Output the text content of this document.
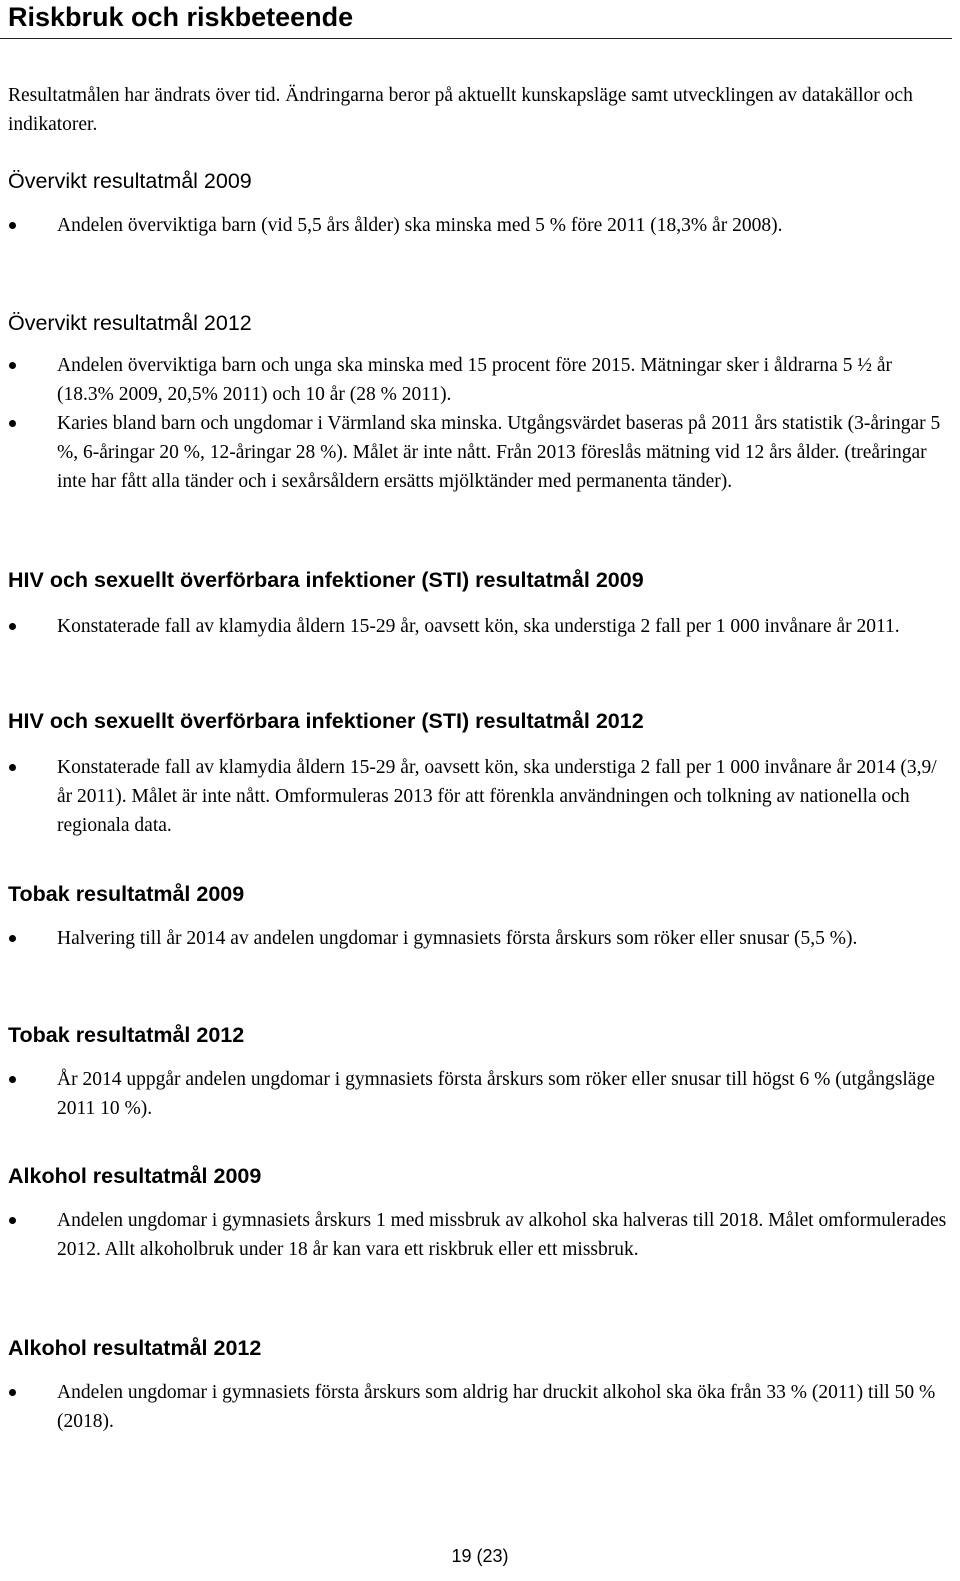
Riskbruk och riskbeteende

Resultatmålen har ändrats över tid. Ändringarna beror på aktuellt kunskapsläge samt utvecklingen av datakällor och indikatorer.

Övervikt resultatmål 2009
Andelen överviktiga barn (vid 5,5 års ålder) ska minska med 5 % före 2011 (18,3% år 2008).
Övervikt resultatmål 2012
Andelen överviktiga barn och unga ska minska med 15 procent före 2015. Mätningar sker i åldrarna 5 ½ år (18.3% 2009, 20,5% 2011) och 10 år (28 % 2011).
Karies bland barn och ungdomar i Värmland ska minska. Utgångsvärdet baseras på 2011 års statistik (3-åringar 5 %, 6-åringar 20 %, 12-åringar 28 %). Målet är inte nått. Från 2013 föreslås mätning vid 12 års ålder. (treåringar inte har fått alla tänder och i sexårsåldern ersätts mjölktänder med permanenta tänder).
HIV och sexuellt överförbara infektioner (STI) resultatmål 2009
Konstaterade fall av klamydia åldern 15-29 år, oavsett kön, ska understiga 2 fall per 1 000 invånare år 2011.
HIV och sexuellt överförbara infektioner (STI) resultatmål 2012
Konstaterade fall av klamydia åldern 15-29 år, oavsett kön, ska understiga 2 fall per 1 000 invånare år 2014 (3,9/år 2011). Målet är inte nått. Omformuleras 2013 för att förenkla användningen och tolkning av nationella och regionala data.
Tobak resultatmål 2009
Halvering till år 2014 av andelen ungdomar i gymnasiets första årskurs som röker eller snusar (5,5 %).
Tobak resultatmål 2012
År 2014 uppgår andelen ungdomar i gymnasiets första årskurs som röker eller snusar till högst 6 % (utgångsläge 2011 10 %).
Alkohol resultatmål 2009
Andelen ungdomar i gymnasiets årskurs 1 med missbruk av alkohol ska halveras till 2018. Målet omformulerades 2012. Allt alkoholbruk under 18 år kan vara ett riskbruk eller ett missbruk.
Alkohol resultatmål 2012
Andelen ungdomar i gymnasiets första årskurs som aldrig har druckit alkohol ska öka från 33 % (2011) till 50 % (2018).
19 (23)
